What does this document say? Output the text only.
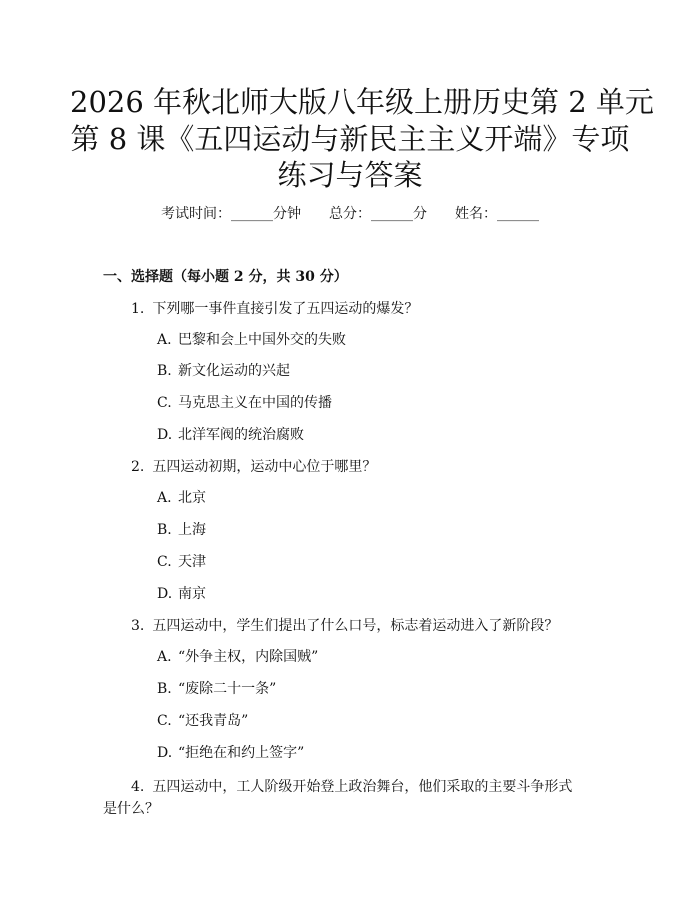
2026 年秋北师大版八年级上册历史第 2 单元
第 8 课《五四运动与新民主主义开端》专项
练习与答案
考试时间：______分钟 总分：______分 姓名：______
一、选择题（每小题 2 分，共 30 分）
1. 下列哪一事件直接引发了五四运动的爆发？
A. 巴黎和会上中国外交的失败
B. 新文化运动的兴起
C. 马克思主义在中国的传播
D. 北洋军阀的统治腐败
2. 五四运动初期，运动中心位于哪里？
A. 北京
B. 上海
C. 天津
D. 南京
3. 五四运动中，学生们提出了什么口号，标志着运动进入了新阶段？
A. “外争主权，内除国贼”
B. “废除二十一条”
C. “还我青岛”
D. “拒绝在和约上签字”
4. 五四运动中，工人阶级开始登上政治舞台，他们采取的主要斗争形式是什么？
